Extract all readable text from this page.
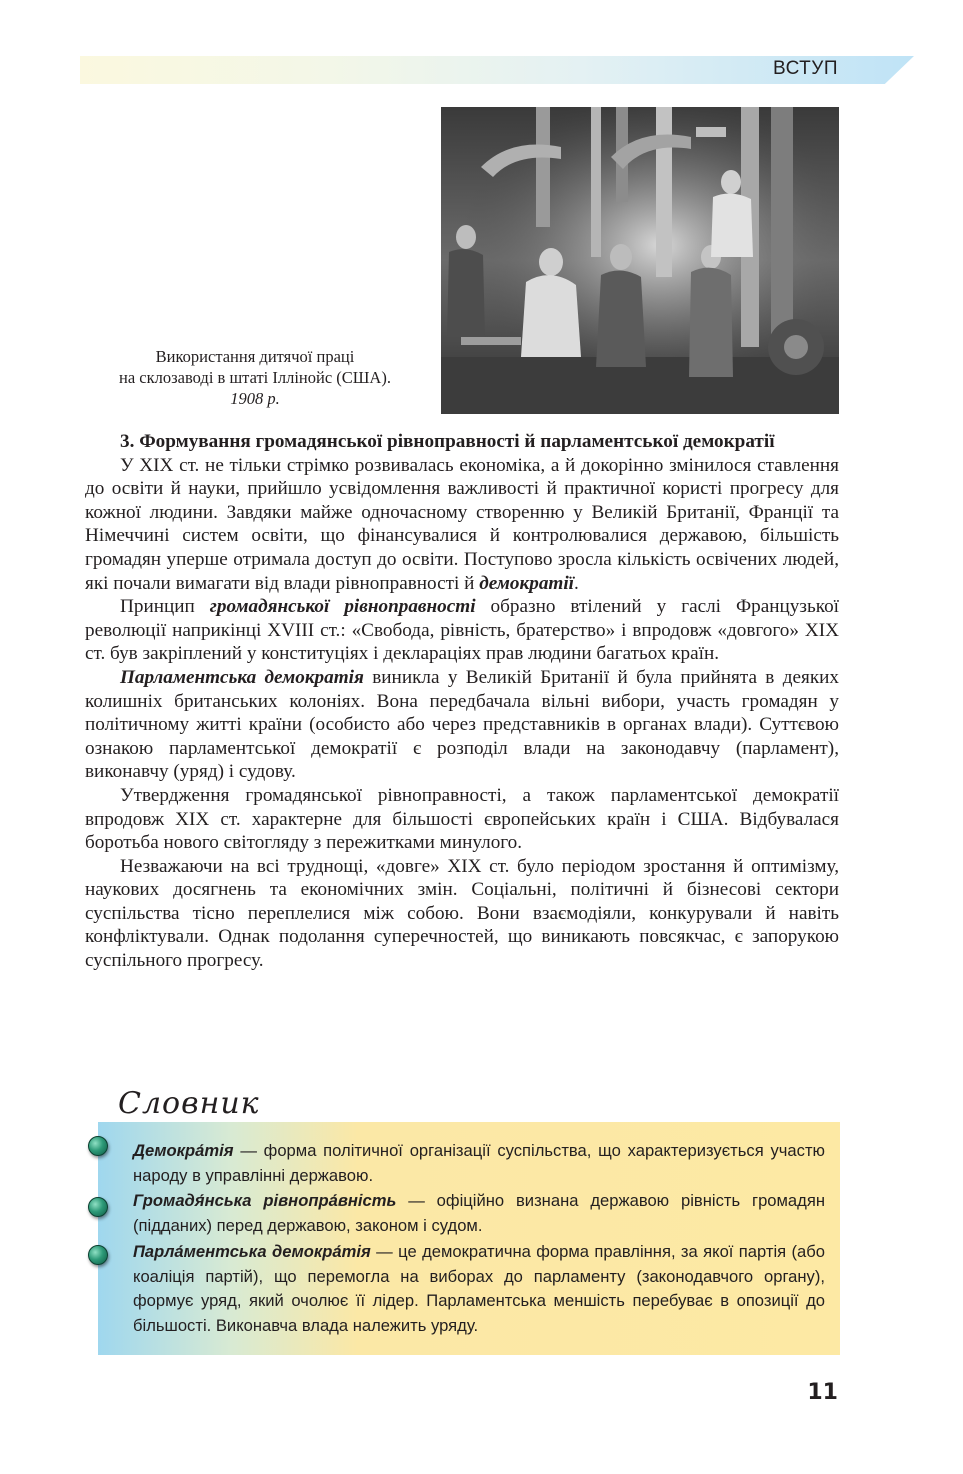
ВСТУП
Використання дитячої праці
на склозаводі в штаті Іллінойс (США).
1908 р.
3. Формування громадянської рівноправності й парламентської демократії

У XIX ст. не тільки стрімко розвивалась економіка, а й докорінно змінилося ставлення до освіти й науки, прийшло усвідомлення важливості й практичної користі прогресу для кожної людини. Завдяки майже одночасному створенню у Великій Британії, Франції та Німеччині систем освіти, що фінансувалися й контролювалися державою, більшість громадян уперше отримала доступ до освіти. Поступово зросла кількість освічених людей, які почали вимагати від влади рівноправності й демократії.

Принцип громадянської рівноправності образно втілений у гаслі Французької революції наприкінці XVIII ст.: «Свобода, рівність, братерство» і впродовж «довгого» XIX ст. був закріплений у конституціях і деклараціях прав людини багатьох країн.

Парламентська демократія виникла у Великій Британії й була прийнята в деяких колишніх британських колоніях. Вона передбачала вільні вибори, участь громадян у політичному житті країни (особисто або через представників в органах влади). Суттєвою ознакою парламентської демократії є розподіл влади на законодавчу (парламент), виконавчу (уряд) і судову.

Утвердження громадянської рівноправності, а також парламентської демократії впродовж XIX ст. характерне для більшості європейських країн і США. Відбувалася боротьба нового світогляду з пережитками минулого.

Незважаючи на всі труднощі, «довге» XIX ст. було періодом зростання й оптимізму, наукових досягнень та економічних змін. Соціальні, політичні й бізнесові сектори суспільства тісно переплелися між собою. Вони взаємодіяли, конкурували й навіть конфліктували. Однак подолання суперечностей, що виникають повсякчас, є запорукою суспільного прогресу.

Словник
Демокра́тія — форма політичної організації суспільства, що характеризується участю народу в управлінні державою.
Громадя́нська рівнопра́вність — офіційно визнана державою рівність громадян (підданих) перед державою, законом і судом.
Парла́ментська демокра́тія — це демократична форма правління, за якої партія (або коаліція партій), що перемогла на виборах до парламенту (законодавчого органу), формує уряд, який очолює її лідер. Парламентська меншість перебуває в опозиції до більшості. Виконавча влада належить уряду.
11
